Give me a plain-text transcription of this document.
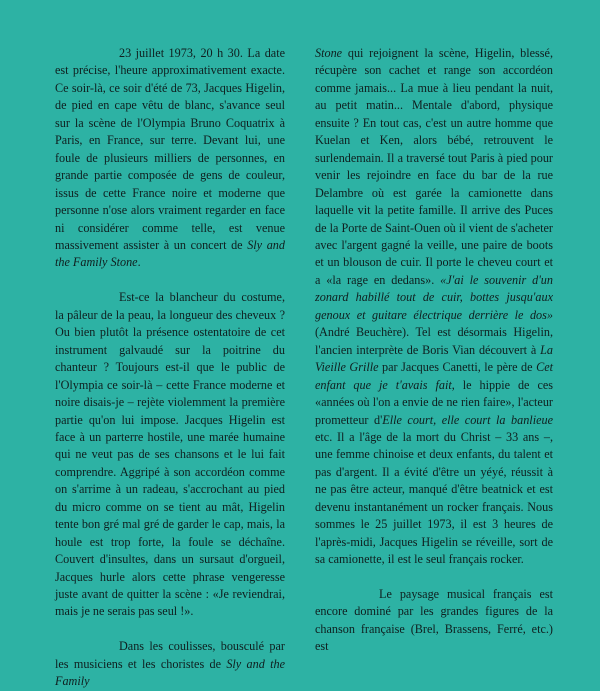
23 juillet 1973, 20 h 30. La date est précise, l'heure approximativement exacte. Ce soir-là, ce soir d'été de 73, Jacques Higelin, de pied en cape vêtu de blanc, s'avance seul sur la scène de l'Olympia Bruno Coquatrix à Paris, en France, sur terre. Devant lui, une foule de plusieurs milliers de personnes, en grande partie composée de gens de couleur, issus de cette France noire et moderne que personne n'ose alors vraiment regarder en face ni considérer comme telle, est venue massivement assister à un concert de Sly and the Family Stone.

Est-ce la blancheur du costume, la pâleur de la peau, la longueur des cheveux ? Ou bien plutôt la présence ostentatoire de cet instrument galvaudé sur la poitrine du chanteur ? Toujours est-il que le public de l'Olympia ce soir-là – cette France moderne et noire disais-je – rejète violemment la première partie qu'on lui impose. Jacques Higelin est face à un parterre hostile, une marée humaine qui ne veut pas de ses chansons et le lui fait comprendre. Aggripé à son accordéon comme on s'arrime à un radeau, s'accrochant au pied du micro comme on se tient au mât, Higelin tente bon gré mal gré de garder le cap, mais, la houle est trop forte, la foule se déchaîne. Couvert d'insultes, dans un sursaut d'orgueil, Jacques hurle alors cette phrase vengeresse juste avant de quitter la scène : «Je reviendrai, mais je ne serais pas seul !».

Dans les coulisses, bousculé par les musiciens et les choristes de Sly and the Family

Stone qui rejoignent la scène, Higelin, blessé, récupère son cachet et range son accordéon comme jamais... La mue à lieu pendant la nuit, au petit matin... Mentale d'abord, physique ensuite ? En tout cas, c'est un autre homme que Kuelan et Ken, alors bébé, retrouvent le surlendemain. Il a traversé tout Paris à pied pour venir les rejoindre en face du bar de la rue Delambre où est garée la camionette dans laquelle vit la petite famille. Il arrive des Puces de la Porte de Saint-Ouen où il vient de s'acheter avec l'argent gagné la veille, une paire de boots et un blouson de cuir. Il porte le cheveu court et a «la rage en dedans». «J'ai le souvenir d'un zonard habillé tout de cuir, bottes jusqu'aux genoux et guitare électrique derrière le dos» (André Beuchère). Tel est désormais Higelin, l'ancien interprète de Boris Vian découvert à La Vieille Grille par Jacques Canetti, le père de Cet enfant que je t'avais fait, le hippie de ces «années où l'on a envie de ne rien faire», l'acteur prometteur d'Elle court, elle court la banlieue etc. Il a l'âge de la mort du Christ – 33 ans –, une femme chinoise et deux enfants, du talent et pas d'argent. Il a évité d'être un yéyé, réussit à ne pas être acteur, manqué d'être beatnick et est devenu instantanément un rocker français. Nous sommes le 25 juillet 1973, il est 3 heures de l'après-midi, Jacques Higelin se réveille, sort de sa camionette, il est le seul français rocker.

Le paysage musical français est encore dominé par les grandes figures de la chanson française (Brel, Brassens, Ferré, etc.) est
